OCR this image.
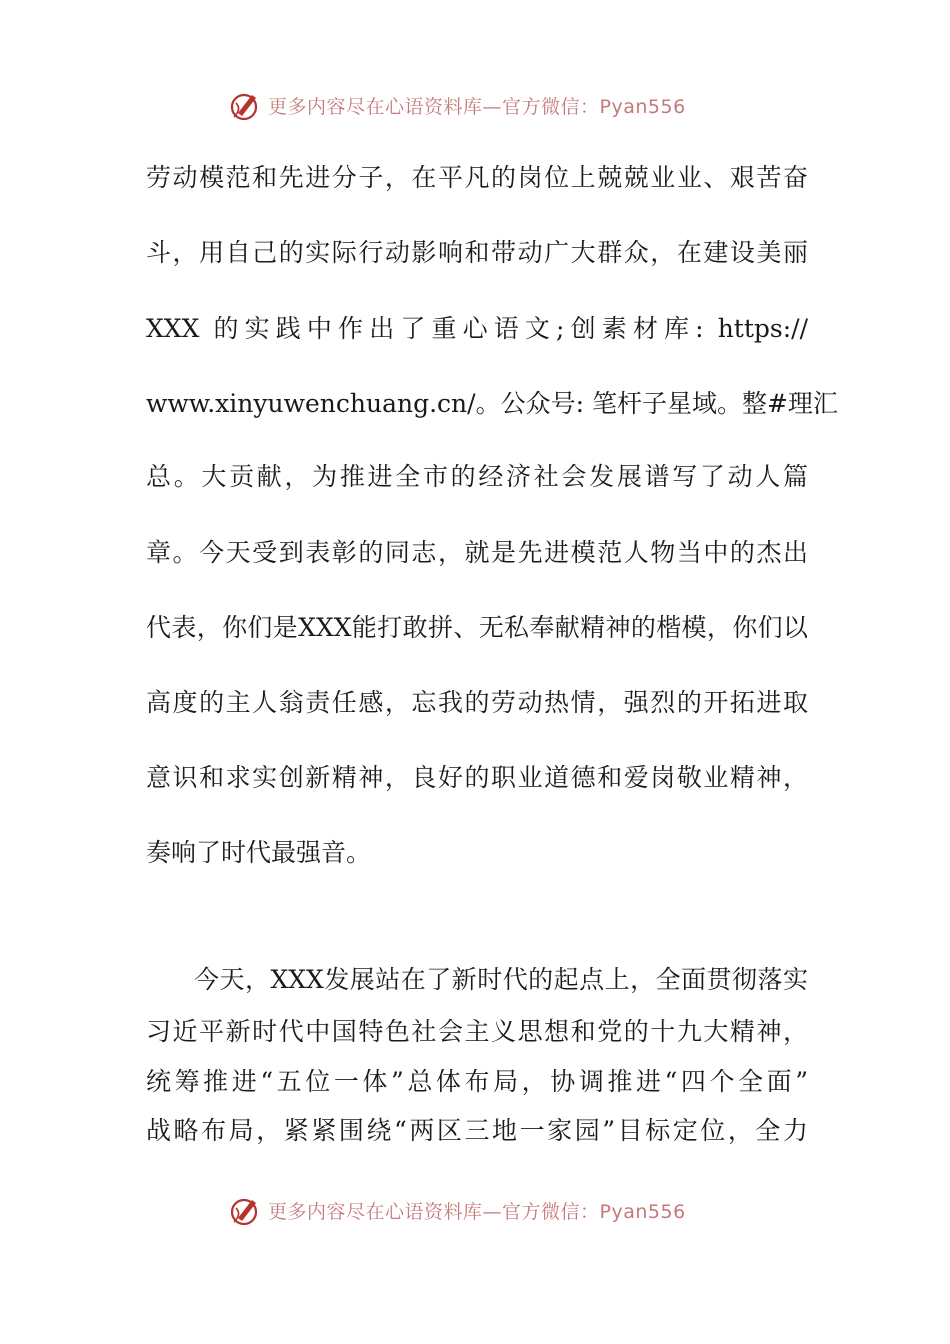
更多内容尽在心语资料库—官方微信：Pyan556
劳动模范和先进分子，在平凡的岗位上兢兢业业、艰苦奋
斗，用自己的实际行动影响和带动广大群众，在建设美丽
XXX 的实践中作出了重心语文;创素材库: https://
www.xinyuwenchuang.cn/。公众号: 笔杆子星域。整#理汇
总。大贡献，为推进全市的经济社会发展谱写了动人篇
章。今天受到表彰的同志，就是先进模范人物当中的杰出
代表，你们是XXX能打敢拼、无私奉献精神的楷模，你们以
高度的主人翁责任感，忘我的劳动热情，强烈的开拓进取
意识和求实创新精神，良好的职业道德和爱岗敬业精神，
奏响了时代最强音。
今天，XXX发展站在了新时代的起点上，全面贯彻落实
习近平新时代中国特色社会主义思想和党的十九大精神，
统筹推进“五位一体”总体布局，协调推进“四个全面”
战略布局，紧紧围绕“两区三地一家园”目标定位，全力
更多内容尽在心语资料库—官方微信：Pyan556
